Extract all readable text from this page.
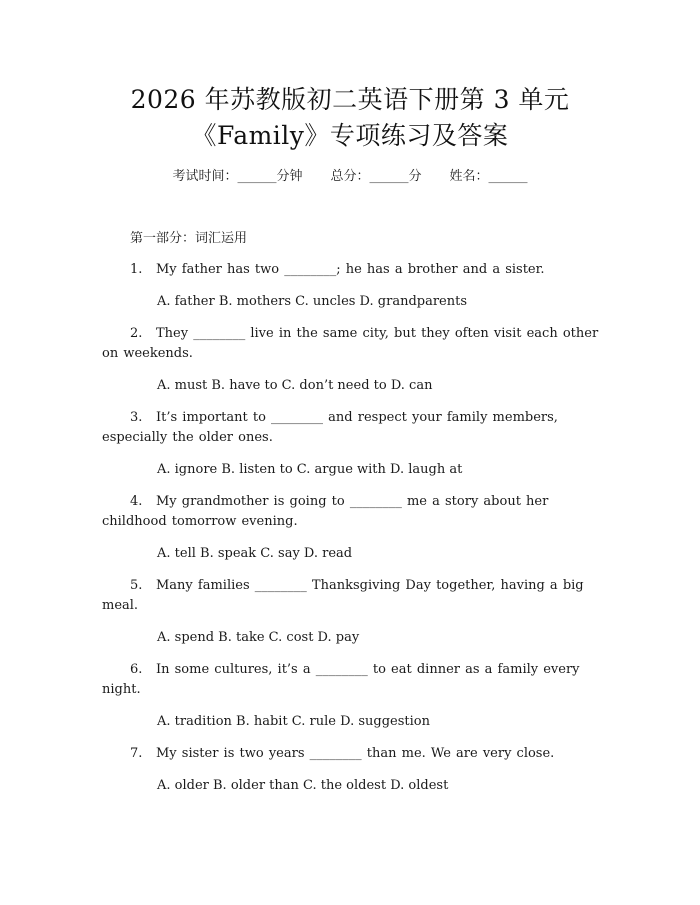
2026 年苏教版初二英语下册第 3 单元
《Family》专项练习及答案
考试时间：______分钟 总分：______分 姓名：______
第一部分：词汇运用
1. My father has two ________; he has a brother and a sister.
A. father B. mothers C. uncles D. grandparents
2. They ________ live in the same city, but they often visit each other on weekends.
A. must B. have to C. don’t need to D. can
3. It’s important to ________ and respect your family members, especially the older ones.
A. ignore B. listen to C. argue with D. laugh at
4. My grandmother is going to ________ me a story about her childhood tomorrow evening.
A. tell B. speak C. say D. read
5. Many families ________ Thanksgiving Day together, having a big meal.
A. spend B. take C. cost D. pay
6. In some cultures, it’s a ________ to eat dinner as a family every night.
A. tradition B. habit C. rule D. suggestion
7. My sister is two years ________ than me. We are very close.
A. older B. older than C. the oldest D. oldest
